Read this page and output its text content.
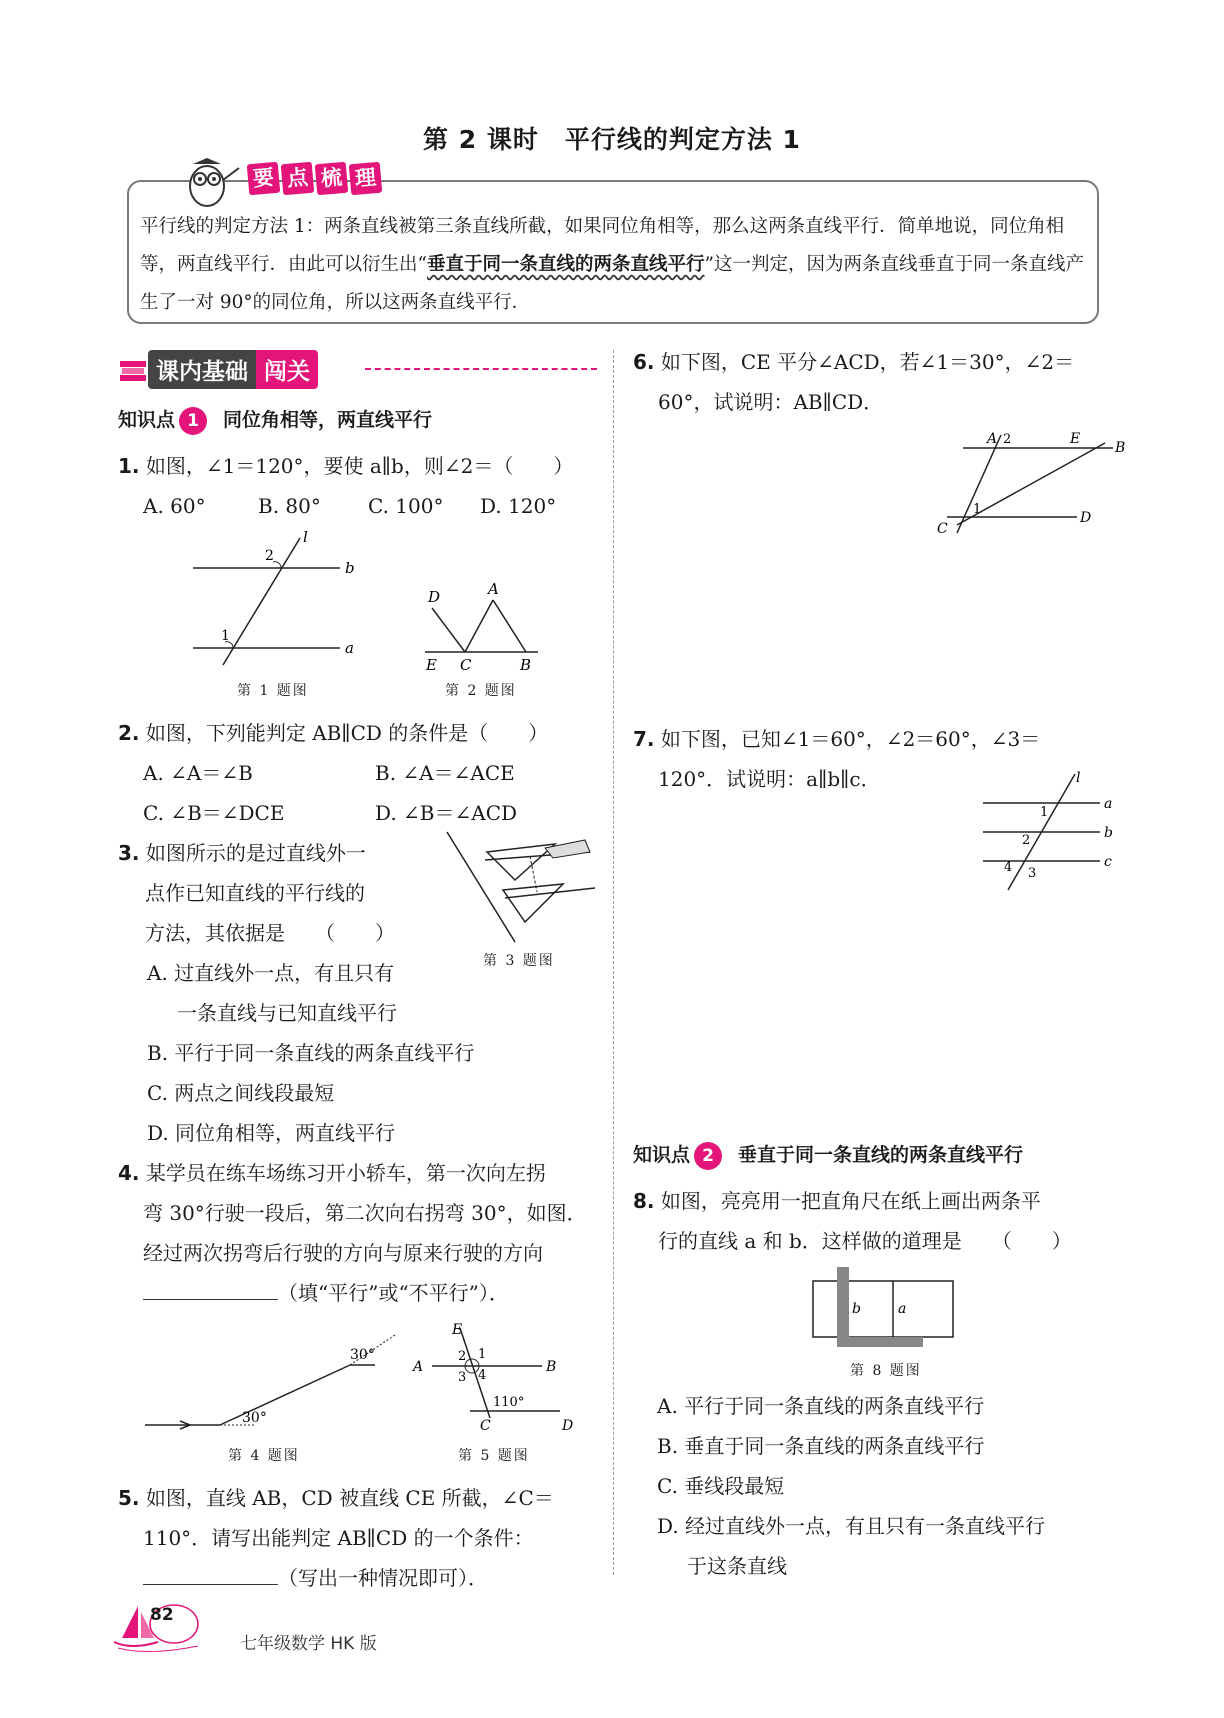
第 2 课时　平行线的判定方法 1
要 点 梳 理
平行线的判定方法 1：两条直线被第三条直线所截，如果同位角相等，那么这两条直线平行．简单地说，同位角相等，两直线平行．由此可以衍生出“垂直于同一条直线的两条直线平行”这一判定，因为两条直线垂直于同一条直线产生了一对 90°的同位角，所以这两条直线平行．
课内基础 闯关
知识点 1 同位角相等，两直线平行
1. 如图，∠1＝120°，要使 a∥b，则∠2＝（　　）
A. 60°	B. 80°	C. 100°	D. 120°
l
b
a
2
1
第 1 题图
D	A
E C	B
第 2 题图
2. 如图，下列能判定 AB∥CD 的条件是（　　）
A. ∠A＝∠B	B. ∠A＝∠ACE
C. ∠B＝∠DCE	D. ∠B＝∠ACD
3. 如图所示的是过直线外一
点作已知直线的平行线的
方法，其依据是　　（　　）
A. 过直线外一点，有且只有
一条直线与已知直线平行
B. 平行于同一条直线的两条直线平行
C. 两点之间线段最短
D. 同位角相等，两直线平行
第 3 题图
4. 某学员在练车场练习开小轿车，第一次向左拐
弯 30°行驶一段后，第二次向右拐弯 30°，如图．
经过两次拐弯后行驶的方向与原来行驶的方向
（填“平行”或“不平行”）．
30°
30°
第 4 题图
E
A	B
C	D
1
2
3 4
110°
第 5 题图
5. 如图，直线 AB，CD 被直线 CE 所截，∠C＝
110°．请写出能判定 AB∥CD 的一个条件：
（写出一种情况即可）．
6. 如下图，CE 平分∠ACD，若∠1＝30°，∠2＝
60°，试说明：AB∥CD．
A 2	E
B
1
C
D
7. 如下图，已知∠1＝60°，∠2＝60°，∠3＝
120°．试说明：a∥b∥c．	l
a
b
c
1
2
3
4
知识点 2 垂直于同一条直线的两条直线平行
8. 如图，亮亮用一把直角尺在纸上画出两条平
行的直线 a 和 b．这样做的道理是　　（　　）
b	a
第 8 题图
A. 平行于同一条直线的两条直线平行
B. 垂直于同一条直线的两条直线平行
C. 垂线段最短
D. 经过直线外一点，有且只有一条直线平行
于这条直线
82
七年级数学 HK 版
